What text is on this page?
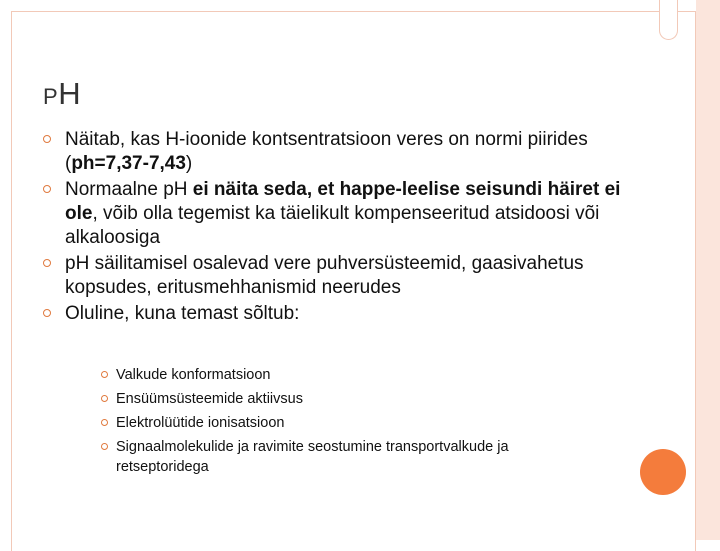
PH
Näitab, kas H-ioonide kontsentratsioon veres on normi piirides (ph=7,37-7,43)
Normaalne pH ei näita seda, et happe-leelise seisundi häiret ei ole, võib olla tegemist ka täielikult kompenseeritud atsidoosi või alkaloosiga
pH säilitamisel osalevad vere puhversüsteemid, gaasivahetus kopsudes, eritusmehhanismid neerudes
Oluline, kuna temast sõltub:
Valkude konformatsioon
Ensüümsüsteemide aktiivsus
Elektrolüütide ionisatsioon
Signaalmolekulide ja ravimite seostumine transportvalkude ja retseptoridega
